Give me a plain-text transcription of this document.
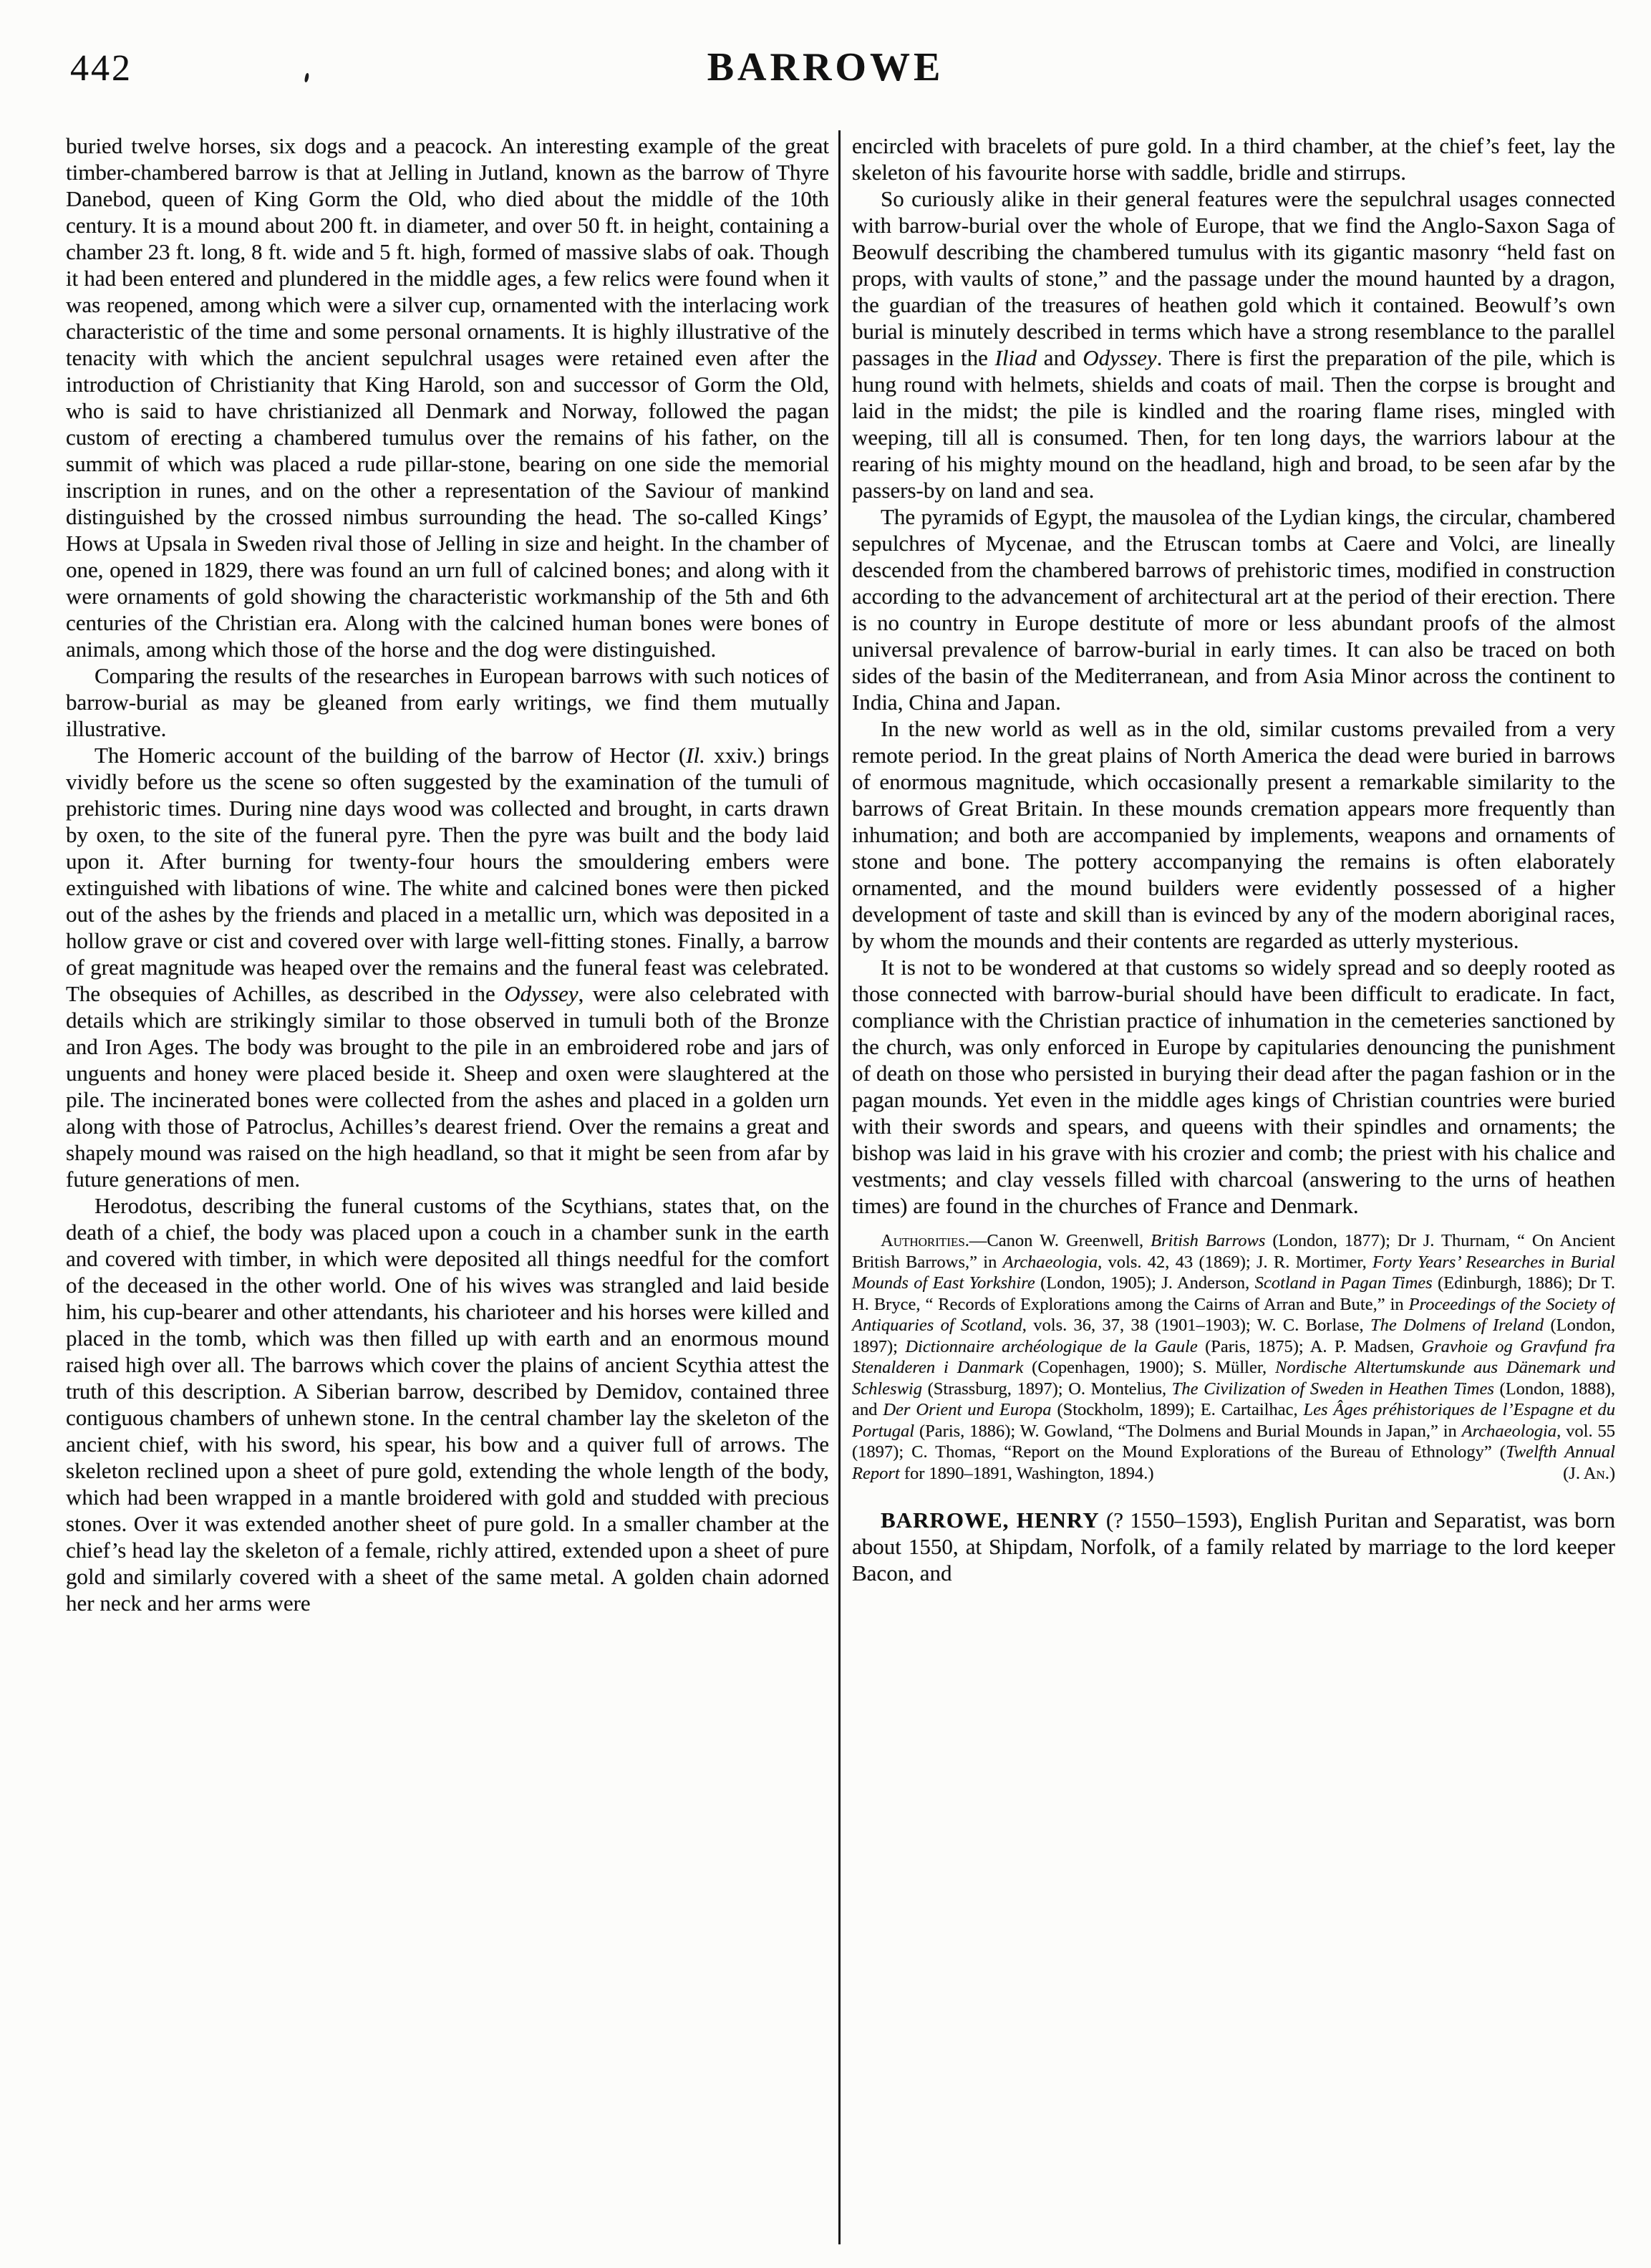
442	BARROWE

buried twelve horses, six dogs and a peacock. An interesting example of the great timber-chambered barrow is that at Jelling in Jutland, known as the barrow of Thyre Danebod, queen of King Gorm the Old, who died about the middle of the 10th century. It is a mound about 200 ft. in diameter, and over 50 ft. in height, containing a chamber 23 ft. long, 8 ft. wide and 5 ft. high, formed of massive slabs of oak. Though it had been entered and plundered in the middle ages, a few relics were found when it was reopened, among which were a silver cup, ornamented with the interlacing work characteristic of the time and some personal ornaments. It is highly illustrative of the tenacity with which the ancient sepulchral usages were retained even after the introduction of Christianity that King Harold, son and successor of Gorm the Old, who is said to have christianized all Denmark and Norway, followed the pagan custom of erecting a chambered tumulus over the remains of his father, on the summit of which was placed a rude pillar-stone, bearing on one side the memorial inscription in runes, and on the other a representation of the Saviour of mankind distinguished by the crossed nimbus surrounding the head. The so-called Kings’ Hows at Upsala in Sweden rival those of Jelling in size and height. In the chamber of one, opened in 1829, there was found an urn full of calcined bones; and along with it were ornaments of gold showing the characteristic workmanship of the 5th and 6th centuries of the Christian era. Along with the calcined human bones were bones of animals, among which those of the horse and the dog were distinguished.

Comparing the results of the researches in European barrows with such notices of barrow-burial as may be gleaned from early writings, we find them mutually illustrative.

The Homeric account of the building of the barrow of Hector (Il. xxiv.) brings vividly before us the scene so often suggested by the examination of the tumuli of prehistoric times. During nine days wood was collected and brought, in carts drawn by oxen, to the site of the funeral pyre. Then the pyre was built and the body laid upon it. After burning for twenty-four hours the smouldering embers were extinguished with libations of wine. The white and calcined bones were then picked out of the ashes by the friends and placed in a metallic urn, which was deposited in a hollow grave or cist and covered over with large well-fitting stones. Finally, a barrow of great magnitude was heaped over the remains and the funeral feast was celebrated. The obsequies of Achilles, as described in the Odyssey, were also celebrated with details which are strikingly similar to those observed in tumuli both of the Bronze and Iron Ages. The body was brought to the pile in an embroidered robe and jars of unguents and honey were placed beside it. Sheep and oxen were slaughtered at the pile. The incinerated bones were collected from the ashes and placed in a golden urn along with those of Patroclus, Achilles’s dearest friend. Over the remains a great and shapely mound was raised on the high headland, so that it might be seen from afar by future generations of men.

Herodotus, describing the funeral customs of the Scythians, states that, on the death of a chief, the body was placed upon a couch in a chamber sunk in the earth and covered with timber, in which were deposited all things needful for the comfort of the deceased in the other world. One of his wives was strangled and laid beside him, his cup-bearer and other attendants, his charioteer and his horses were killed and placed in the tomb, which was then filled up with earth and an enormous mound raised high over all. The barrows which cover the plains of ancient Scythia attest the truth of this description. A Siberian barrow, described by Demidov, contained three contiguous chambers of unhewn stone. In the central chamber lay the skeleton of the ancient chief, with his sword, his spear, his bow and a quiver full of arrows. The skeleton reclined upon a sheet of pure gold, extending the whole length of the body, which had been wrapped in a mantle broidered with gold and studded with precious stones. Over it was extended another sheet of pure gold. In a smaller chamber at the chief’s head lay the skeleton of a female, richly attired, extended upon a sheet of pure gold and similarly covered with a sheet of the same metal. A golden chain adorned her neck and her arms were

encircled with bracelets of pure gold. In a third chamber, at the chief’s feet, lay the skeleton of his favourite horse with saddle, bridle and stirrups.

So curiously alike in their general features were the sepulchral usages connected with barrow-burial over the whole of Europe, that we find the Anglo-Saxon Saga of Beowulf describing the chambered tumulus with its gigantic masonry “held fast on props, with vaults of stone,” and the passage under the mound haunted by a dragon, the guardian of the treasures of heathen gold which it contained. Beowulf’s own burial is minutely described in terms which have a strong resemblance to the parallel passages in the Iliad and Odyssey. There is first the preparation of the pile, which is hung round with helmets, shields and coats of mail. Then the corpse is brought and laid in the midst; the pile is kindled and the roaring flame rises, mingled with weeping, till all is consumed. Then, for ten long days, the warriors labour at the rearing of his mighty mound on the headland, high and broad, to be seen afar by the passers-by on land and sea.

The pyramids of Egypt, the mausolea of the Lydian kings, the circular, chambered sepulchres of Mycenae, and the Etruscan tombs at Caere and Volci, are lineally descended from the chambered barrows of prehistoric times, modified in construction according to the advancement of architectural art at the period of their erection. There is no country in Europe destitute of more or less abundant proofs of the almost universal prevalence of barrow-burial in early times. It can also be traced on both sides of the basin of the Mediterranean, and from Asia Minor across the continent to India, China and Japan.

In the new world as well as in the old, similar customs prevailed from a very remote period. In the great plains of North America the dead were buried in barrows of enormous magnitude, which occasionally present a remarkable similarity to the barrows of Great Britain. In these mounds cremation appears more frequently than inhumation; and both are accompanied by implements, weapons and ornaments of stone and bone. The pottery accompanying the remains is often elaborately ornamented, and the mound builders were evidently possessed of a higher development of taste and skill than is evinced by any of the modern aboriginal races, by whom the mounds and their contents are regarded as utterly mysterious.

It is not to be wondered at that customs so widely spread and so deeply rooted as those connected with barrow-burial should have been difficult to eradicate. In fact, compliance with the Christian practice of inhumation in the cemeteries sanctioned by the church, was only enforced in Europe by capitularies denouncing the punishment of death on those who persisted in burying their dead after the pagan fashion or in the pagan mounds. Yet even in the middle ages kings of Christian countries were buried with their swords and spears, and queens with their spindles and ornaments; the bishop was laid in his grave with his crozier and comb; the priest with his chalice and vestments; and clay vessels filled with charcoal (answering to the urns of heathen times) are found in the churches of France and Denmark.

Authorities.—Canon W. Greenwell, British Barrows (London, 1877); Dr J. Thurnam, “ On Ancient British Barrows,” in Archaeologia, vols. 42, 43 (1869); J. R. Mortimer, Forty Years’ Researches in Burial Mounds of East Yorkshire (London, 1905); J. Anderson, Scotland in Pagan Times (Edinburgh, 1886); Dr T. H. Bryce, “ Records of Explorations among the Cairns of Arran and Bute,” in Proceedings of the Society of Antiquaries of Scotland, vols. 36, 37, 38 (1901–1903); W. C. Borlase, The Dolmens of Ireland (London, 1897); Dictionnaire archéologique de la Gaule (Paris, 1875); A. P. Madsen, Gravhoie og Gravfund fra Stenalderen i Danmark (Copenhagen, 1900); S. Müller, Nordische Altertumskunde aus Dänemark und Schleswig (Strassburg, 1897); O. Montelius, The Civilization of Sweden in Heathen Times (London, 1888), and Der Orient und Europa (Stockholm, 1899); E. Cartailhac, Les Âges préhistoriques de l’Espagne et du Portugal (Paris, 1886); W. Gowland, “The Dolmens and Burial Mounds in Japan,” in Archaeologia, vol. 55 (1897); C. Thomas, “Report on the Mound Explorations of the Bureau of Ethnology” (Twelfth Annual Report for 1890–1891, Washington, 1894.)	(J. An.)

BARROWE, HENRY (? 1550–1593), English Puritan and Separatist, was born about 1550, at Shipdam, Norfolk, of a family related by marriage to the lord keeper Bacon, and
